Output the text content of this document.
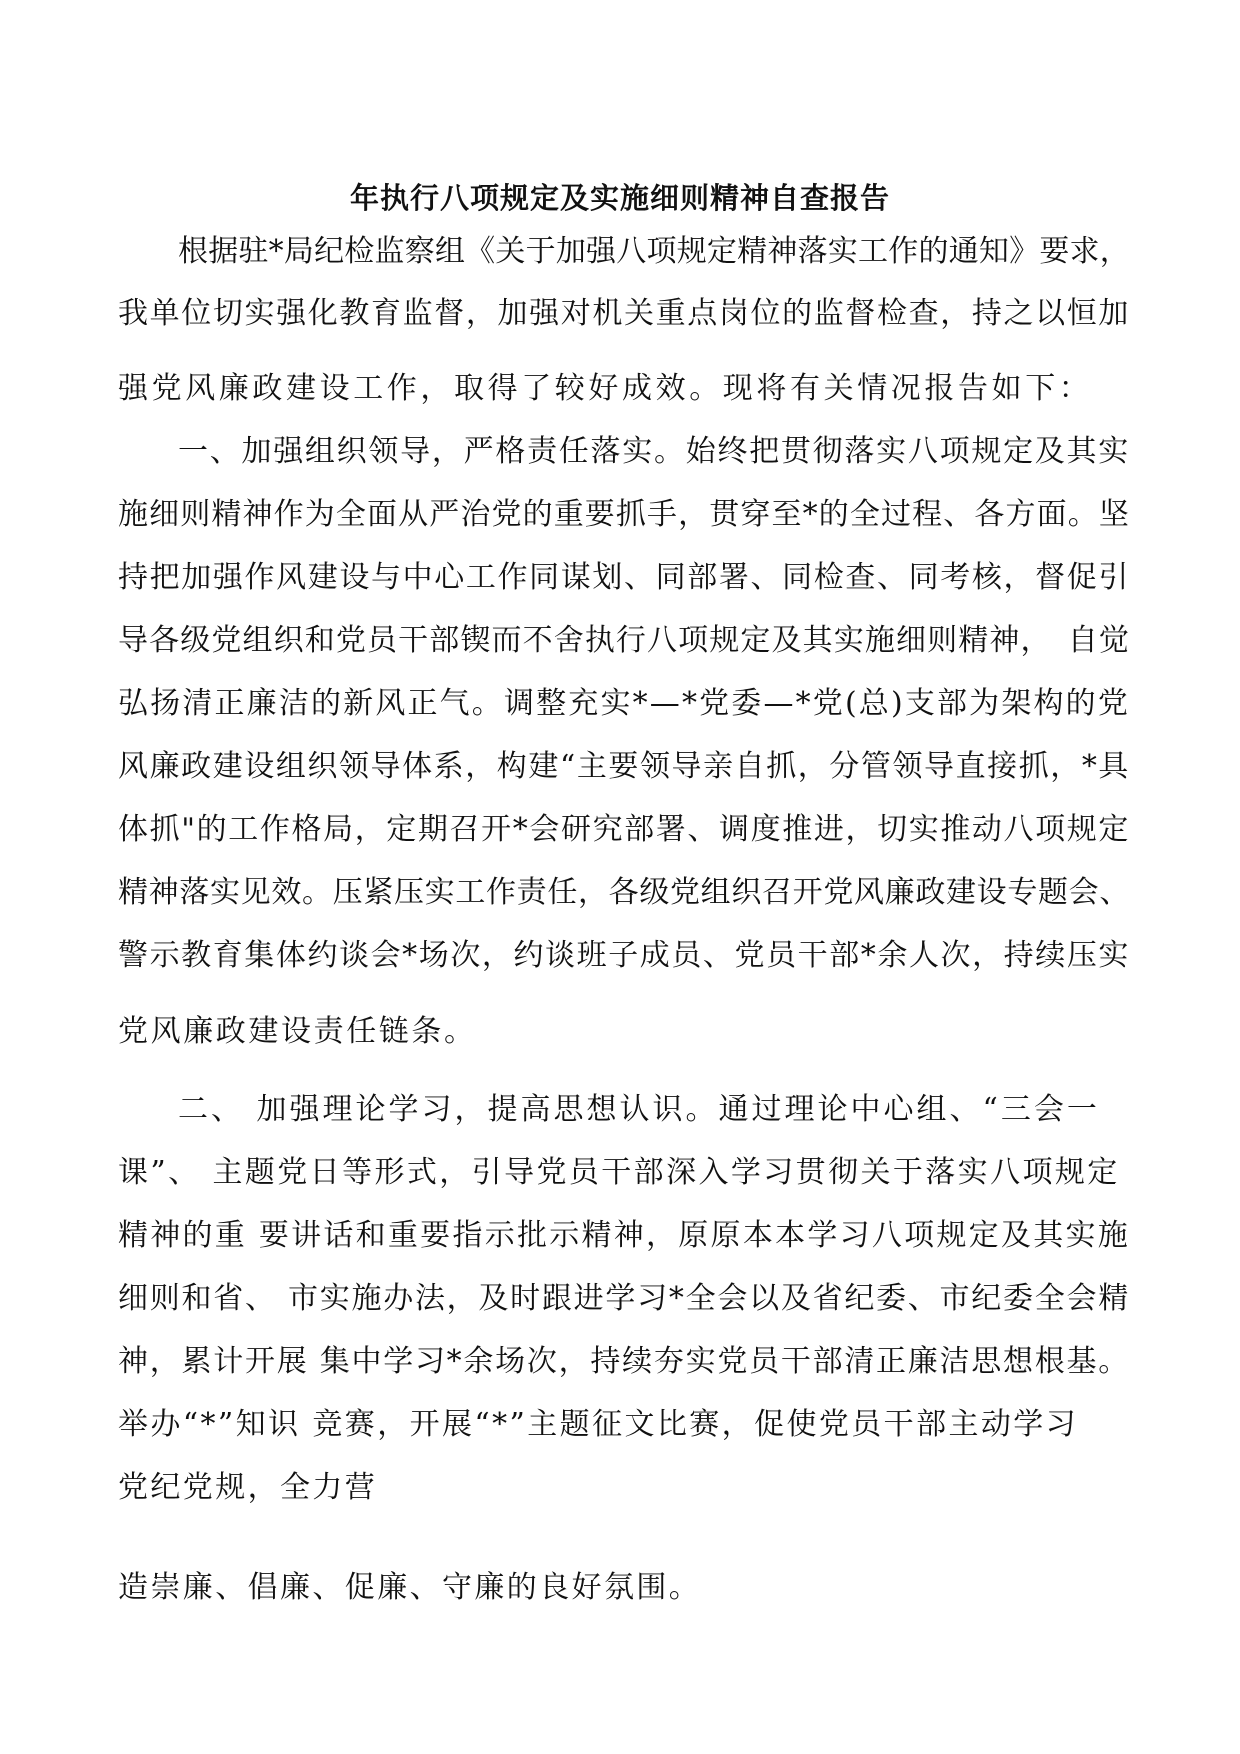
年执行八项规定及实施细则精神自查报告
根据驻*局纪检监察组《关于加强八项规定精神落实工作的通知》要求，
我单位切实强化教育监督，加强对机关重点岗位的监督检查，持之以恒加
强党风廉政建设工作，取得了较好成效。现将有关情况报告如下：
一、加强组织领导，严格责任落实。始终把贯彻落实八项规定及其实
施细则精神作为全面从严治党的重要抓手，贯穿至*的全过程、各方面。坚
持把加强作风建设与中心工作同谋划、同部署、同检查、同考核，督促引
导各级党组织和党员干部锲而不舍执行八项规定及其实施细则精神，　自觉
弘扬清正廉洁的新风正气。调整充实*—*党委—*党(总)支部为架构的党
风廉政建设组织领导体系，构建“主要领导亲自抓，分管领导直接抓，*具
体抓"的工作格局，定期召开*会研究部署、调度推进，切实推动八项规定
精神落实见效。压紧压实工作责任，各级党组织召开党风廉政建设专题会、
警示教育集体约谈会*场次，约谈班子成员、党员干部*余人次，持续压实
党风廉政建设责任链条。
二、 加强理论学习，提高思想认识。通过理论中心组、“三会一
课”、 主题党日等形式，引导党员干部深入学习贯彻关于落实八项规定
精神的重 要讲话和重要指示批示精神，原原本本学习八项规定及其实施
细则和省、 市实施办法，及时跟进学习*全会以及省纪委、市纪委全会精
神，累计开展 集中学习*余场次，持续夯实党员干部清正廉洁思想根基。
举办“*”知识 竞赛，开展“*”主题征文比赛，促使党员干部主动学习
党纪党规，全力营
造崇廉、倡廉、促廉、守廉的良好氛围。
